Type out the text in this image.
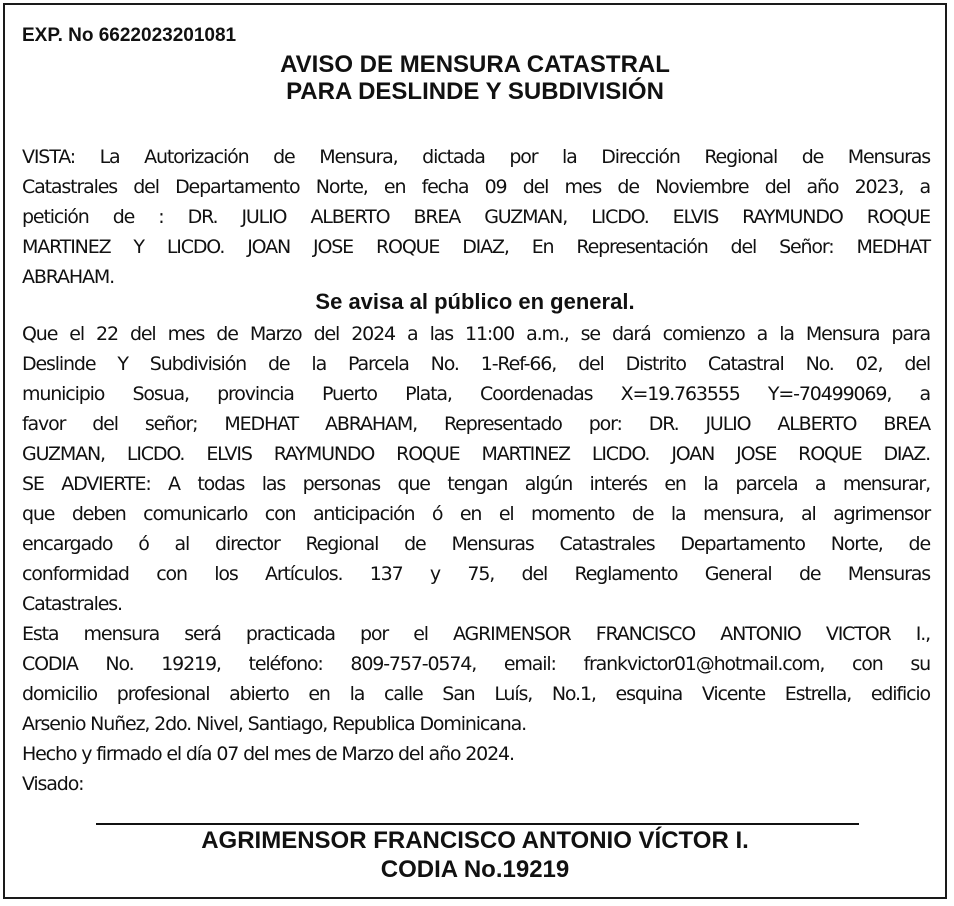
EXP. No 6622023201081

AVISO DE MENSURA CATASTRAL
PARA DESLINDE Y SUBDIVISIÓN

VISTA: La Autorización de Mensura, dictada por la Dirección Regional de Mensuras
Catastrales del Departamento Norte, en fecha 09 del mes de Noviembre del año 2023, a
petición de : DR. JULIO ALBERTO BREA GUZMAN, LICDO. ELVIS RAYMUNDO ROQUE
MARTINEZ Y LICDO. JOAN JOSE ROQUE DIAZ, En Representación del Señor: MEDHAT
ABRAHAM.

Se avisa al público en general.

Que el 22 del mes de Marzo del 2024 a las 11:00 a.m., se dará comienzo a la Mensura para
Deslinde Y Subdivisión de la Parcela No. 1-Ref-66, del Distrito Catastral No. 02, del
municipio Sosua, provincia Puerto Plata, Coordenadas X=19.763555 Y=-70499069, a
favor del señor; MEDHAT ABRAHAM, Representado por: DR. JULIO ALBERTO BREA
GUZMAN, LICDO. ELVIS RAYMUNDO ROQUE MARTINEZ LICDO. JOAN JOSE ROQUE DIAZ.
SE ADVIERTE: A todas las personas que tengan algún interés en la parcela a mensurar,
que deben comunicarlo con anticipación ó en el momento de la mensura, al agrimensor
encargado ó al director Regional de Mensuras Catastrales Departamento Norte, de
conformidad con los Artículos. 137 y 75, del Reglamento General de Mensuras
Catastrales.
Esta mensura será practicada por el AGRIMENSOR FRANCISCO ANTONIO VICTOR I.,
CODIA No. 19219, teléfono: 809-757-0574, email: frankvictor01@hotmail.com, con su
domicilio profesional abierto en la calle San Luís, No.1, esquina Vicente Estrella, edificio
Arsenio Nuñez, 2do. Nivel, Santiago, Republica Dominicana.
Hecho y firmado el día 07 del mes de Marzo del año 2024.
Visado:

AGRIMENSOR FRANCISCO ANTONIO VÍCTOR I.
CODIA No.19219
